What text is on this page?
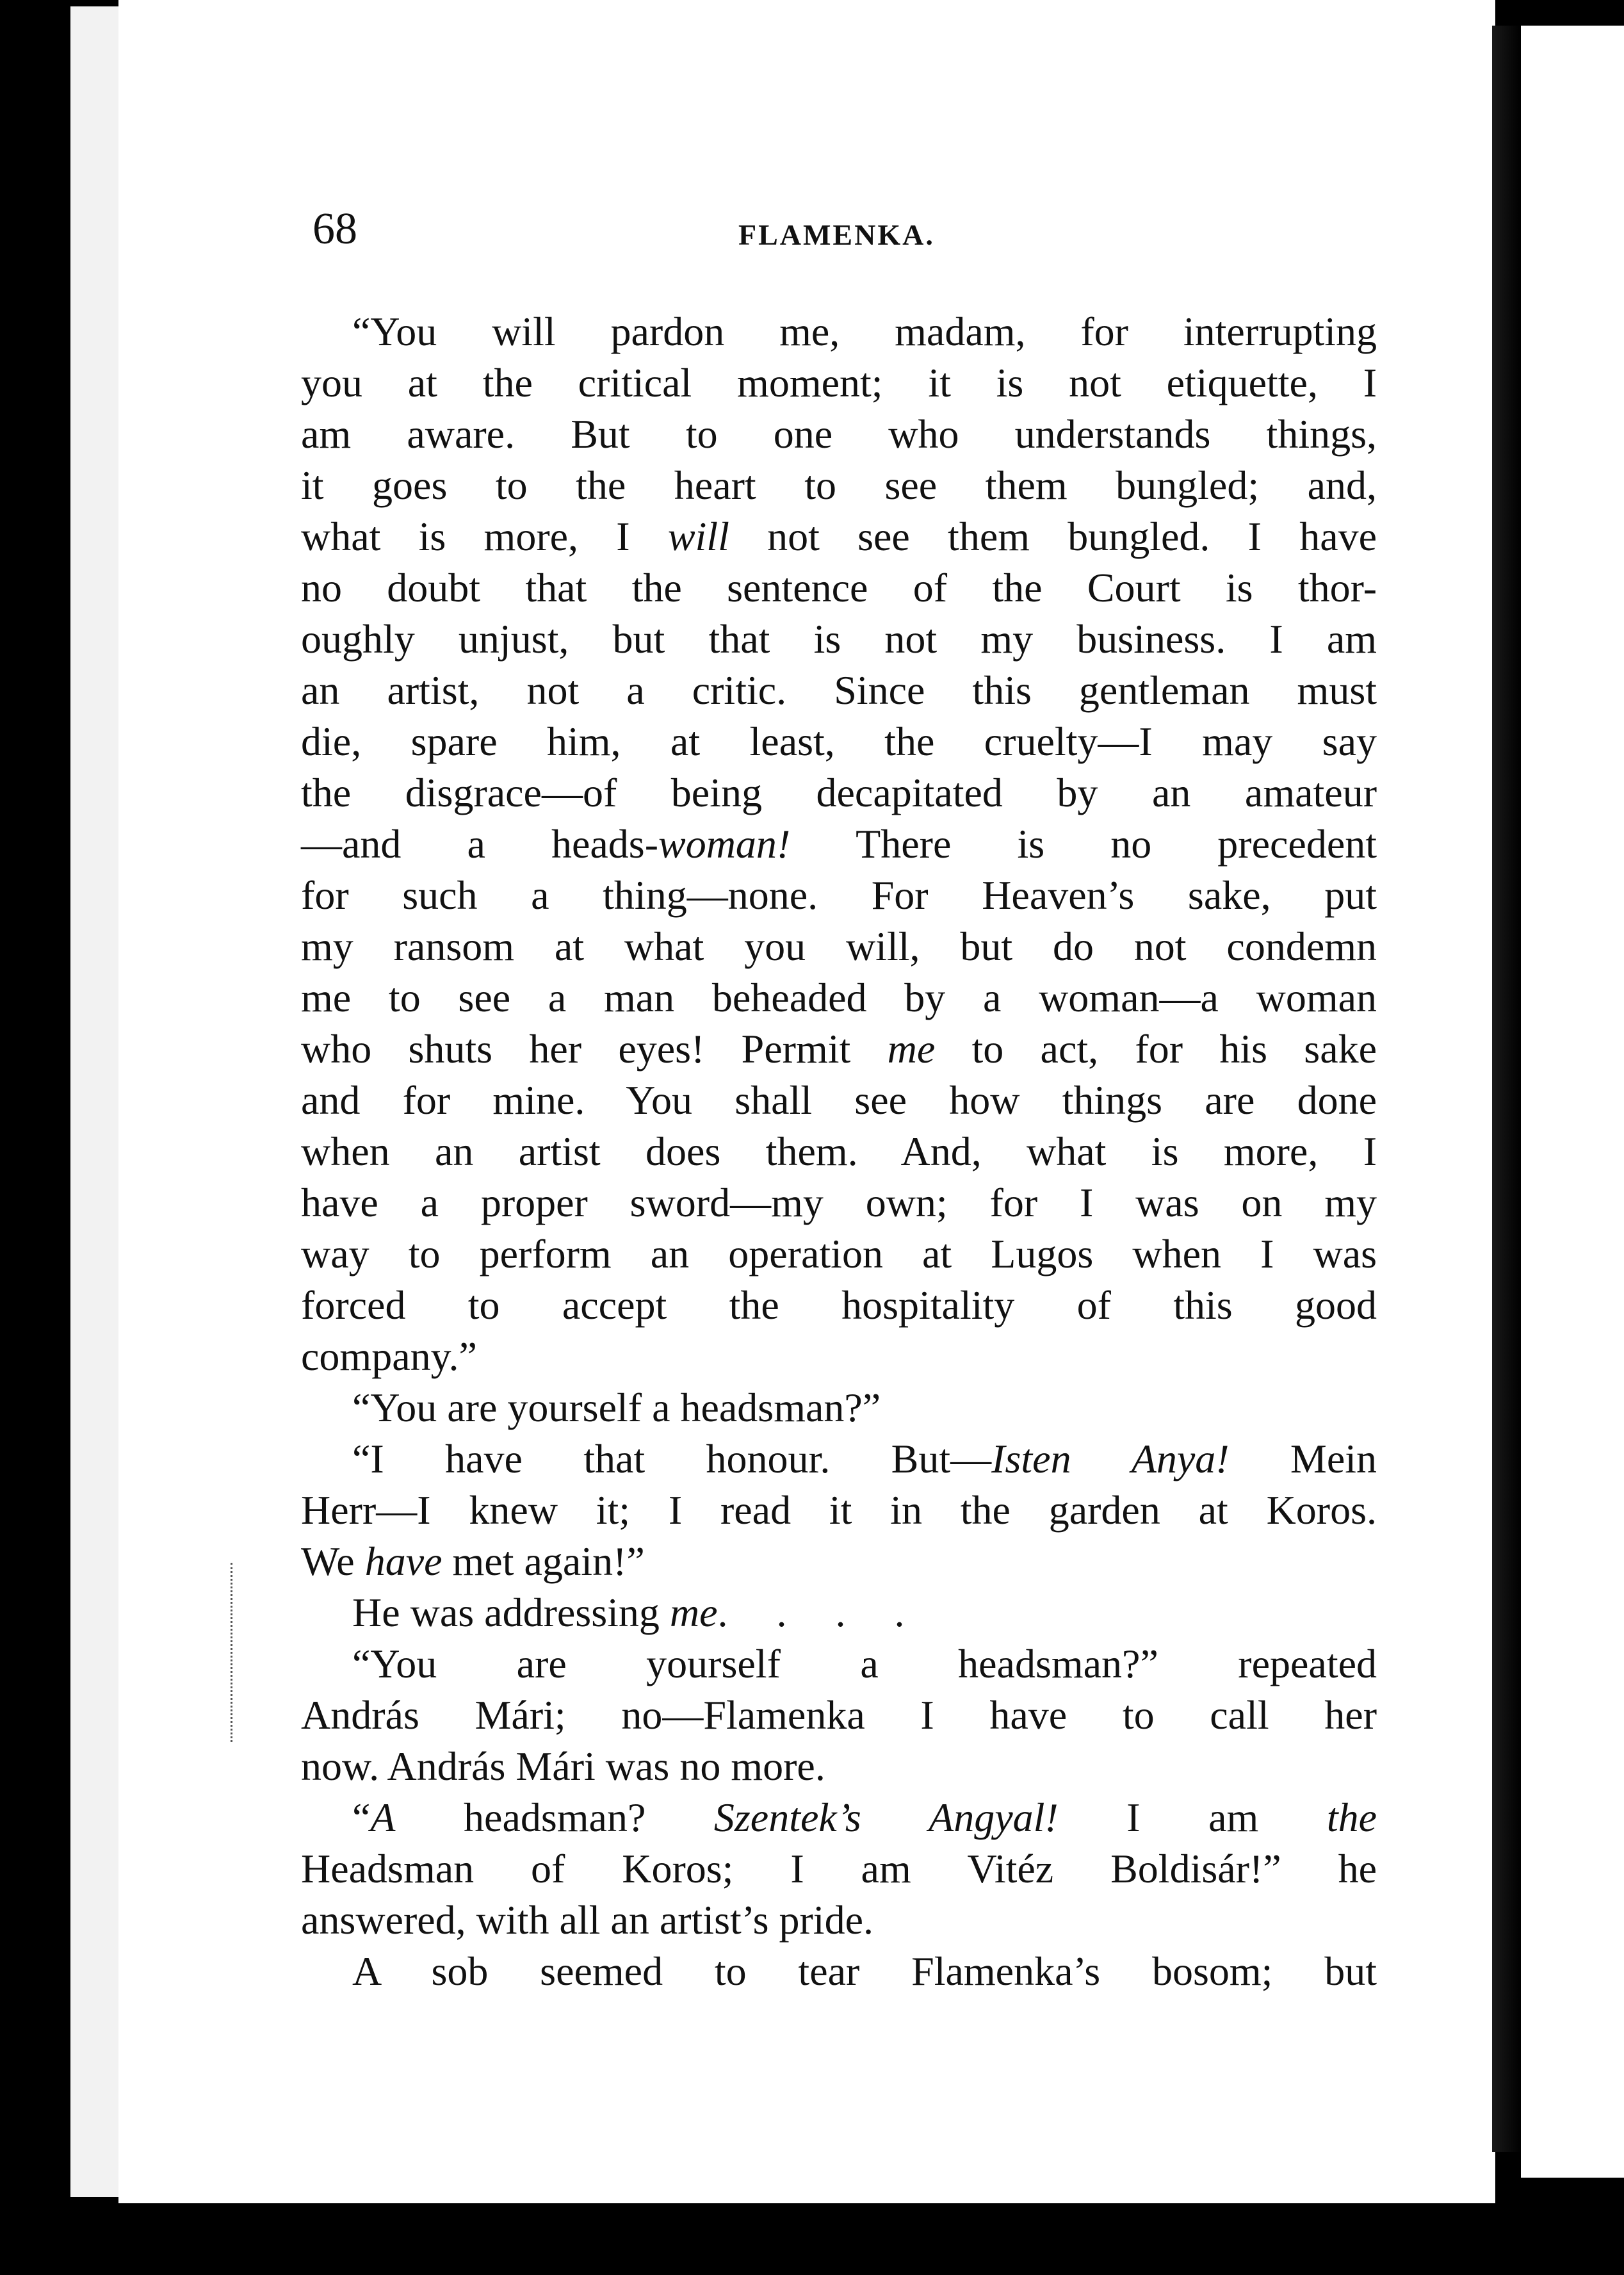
68	FLAMENKA.
“You will pardon me, madam, for interrupting
you at the critical moment; it is not etiquette, I
am aware. But to one who understands things,
it goes to the heart to see them bungled; and,
what is more, I will not see them bungled. I have
no doubt that the sentence of the Court is thor-
oughly unjust, but that is not my business. I am
an artist, not a critic. Since this gentleman must
die, spare him, at least, the cruelty—I may say
the disgrace—of being decapitated by an amateur
—and a heads-woman! There is no precedent
for such a thing—none. For Heaven’s sake, put
my ransom at what you will, but do not condemn
me to see a man beheaded by a woman—a woman
who shuts her eyes! Permit me to act, for his sake
and for mine. You shall see how things are done
when an artist does them. And, what is more, I
have a proper sword—my own; for I was on my
way to perform an operation at Lugos when I was
forced to accept the hospitality of this good
company.”
“You are yourself a headsman?”
“I have that honour. But—Isten Anya! Mein
Herr—I knew it; I read it in the garden at Koros.
We have met again!”
He was addressing me. . . .
“You are yourself a headsman?” repeated
András Mári; no—Flamenka I have to call her
now. András Mári was no more.
“A headsman? Szentek’s Angyal! I am the
Headsman of Koros; I am Vitéz Boldisár!” he
answered, with all an artist’s pride.
A sob seemed to tear Flamenka’s bosom; but
